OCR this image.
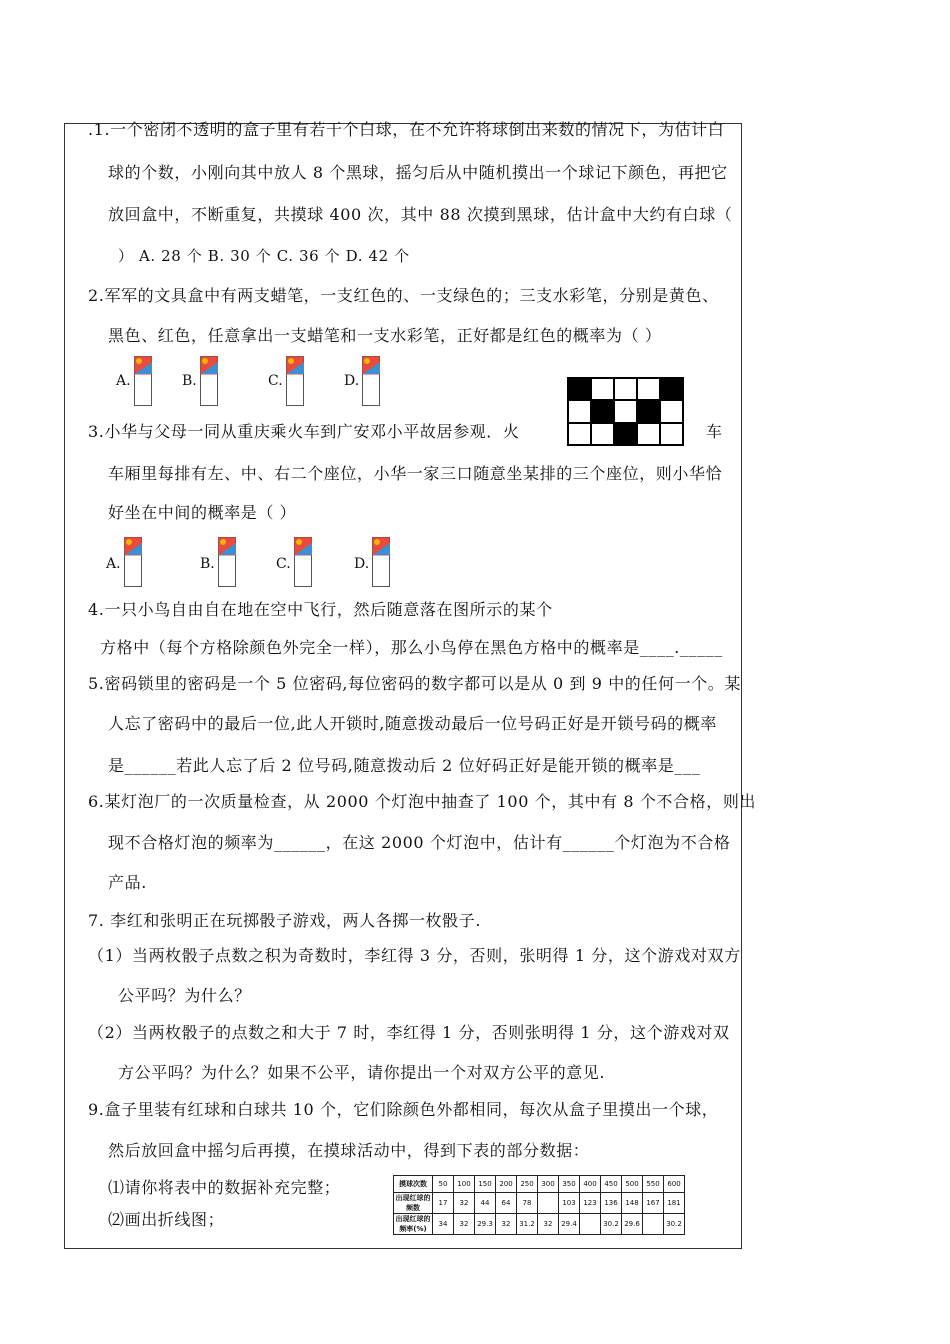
.1.一个密闭不透明的盒子里有若干个白球，在不允许将球倒出来数的情况下，为估计白
球的个数，小刚向其中放人 8 个黑球，摇匀后从中随机摸出一个球记下颜色，再把它
放回盒中，不断重复，共摸球 400 次，其中 88 次摸到黑球，估计盒中大约有白球（
） A. 28 个 B. 30 个 C. 36 个 D. 42 个
2.军军的文具盒中有两支蜡笔，一支红色的、一支绿色的；三支水彩笔，分别是黄色、
黑色、红色，任意拿出一支蜡笔和一支水彩笔，正好都是红色的概率为（ ）
A.	B.	C.	D.
3.小华与父母一同从重庆乘火车到广安邓小平故居参观．火	车
车厢里每排有左、中、右二个座位，小华一家三口随意坐某排的三个座位，则小华恰
好坐在中间的概率是（ ）
A.	B.	C.	D.
4.一只小鸟自由自在地在空中飞行，然后随意落在图所示的某个
方格中（每个方格除颜色外完全一样），那么小鸟停在黑色方格中的概率是____._____
5.密码锁里的密码是一个 5 位密码,每位密码的数字都可以是从 0 到 9 中的任何一个。某
人忘了密码中的最后一位,此人开锁时,随意拨动最后一位号码正好是开锁号码的概率
是______若此人忘了后 2 位号码,随意拨动后 2 位好码正好是能开锁的概率是___
6.某灯泡厂的一次质量检查，从 2000 个灯泡中抽查了 100 个，其中有 8 个不合格，则出
现不合格灯泡的频率为______，在这 2000 个灯泡中，估计有______个灯泡为不合格
产品.
7. 李红和张明正在玩掷骰子游戏，两人各掷一枚骰子.
（1）当两枚骰子点数之积为奇数时，李红得 3 分，否则，张明得 1 分，这个游戏对双方
公平吗？为什么？
（2）当两枚骰子的点数之和大于 7 时，李红得 1 分，否则张明得 1 分，这个游戏对双
方公平吗？为什么？如果不公平，请你提出一个对双方公平的意见.
9.盒子里装有红球和白球共 10 个，它们除颜色外都相同，每次从盒子里摸出一个球，
然后放回盒中摇匀后再摸，在摸球活动中，得到下表的部分数据：
⑴请你将表中的数据补充完整；
⑵画出折线图；
摸球次数	50	100	150	200	250	300	350	400	450	500	550	600
出现红球的频数	17	32	44	64	78		103	123	136	148	167	181
出现红球的频率(%)	34	32	29.3	32	31.2	32	29.4		30.2	29.6		30.2
